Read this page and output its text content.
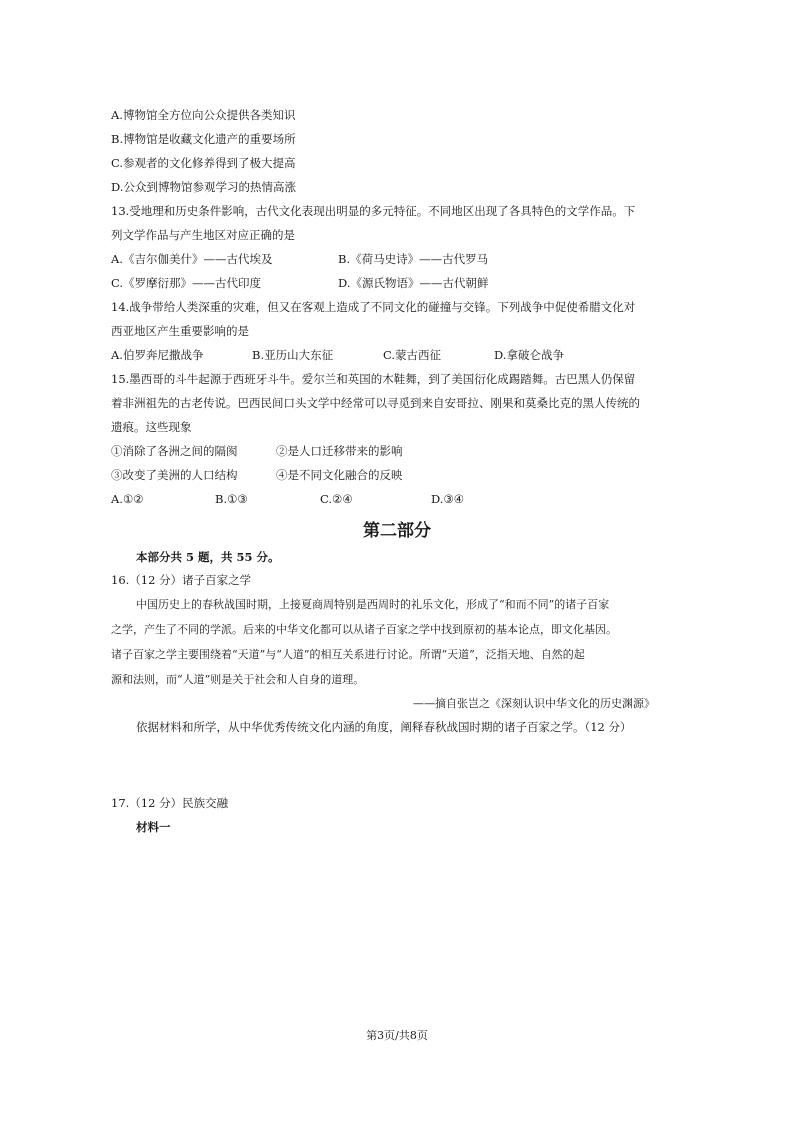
A.博物馆全方位向公众提供各类知识
B.博物馆是收藏文化遗产的重要场所
C.参观者的文化修养得到了极大提高
D.公众到博物馆参观学习的热情高涨
13.受地理和历史条件影响，古代文化表现出明显的多元特征。不同地区出现了各具特色的文学作品。下
列文学作品与产生地区对应正确的是
A.《吉尔伽美什》——古代埃及	B.《荷马史诗》——古代罗马
C.《罗摩衍那》——古代印度	D.《源氏物语》——古代朝鲜
14.战争带给人类深重的灾难，但又在客观上造成了不同文化的碰撞与交锋。下列战争中促使希腊文化对
西亚地区产生重要影响的是
A.伯罗奔尼撒战争	B.亚历山大东征	C.蒙古西征	D.拿破仑战争
15.墨西哥的斗牛起源于西班牙斗牛。爱尔兰和英国的木鞋舞，到了美国衍化成踢踏舞。古巴黑人仍保留
着非洲祖先的古老传说。巴西民间口头文学中经常可以寻觅到来自安哥拉、刚果和莫桑比克的黑人传统的
遗痕。这些现象
①消除了各洲之间的隔阂	②是人口迁移带来的影响
③改变了美洲的人口结构	④是不同文化融合的反映
A.①②	B.①③	C.②④	D.③④
第二部分
本部分共 5 题，共 55 分。
16.（12 分）诸子百家之学
中国历史上的春秋战国时期，上接夏商周特别是西周时的礼乐文化，形成了“和而不同”的诸子百家
之学，产生了不同的学派。后来的中华文化都可以从诸子百家之学中找到原初的基本论点，即文化基因。
诸子百家之学主要围绕着“天道”与“人道”的相互关系进行讨论。所谓“天道”，泛指天地、自然的起
源和法则，而“人道”则是关于社会和人自身的道理。
——摘自张岂之《深刻认识中华文化的历史渊源》
依据材料和所学，从中华优秀传统文化内涵的角度，阐释春秋战国时期的诸子百家之学。（12 分）
17.（12 分）民族交融
材料一
第3页/共8页
